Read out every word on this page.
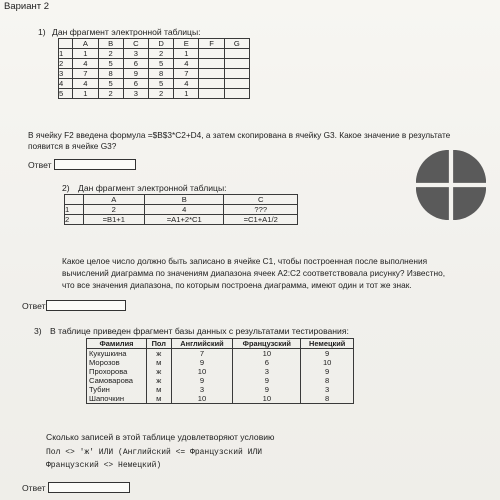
Вариант 2
1) Дан фрагмент электронной таблицы:
	A	B	C	D	E	F	G
1	1	2	3	2	1		
2	4	5	6	5	4		
3	7	8	9	8	7		
4	4	5	6	5	4		
5	1	2	3	2	1		
В ячейку F2 введена формула =$B$3*C2+D4, а затем скопирована в ячейку G3. Какое значение в результате
появится в ячейке G3?
Ответ
2) Дан фрагмент электронной таблицы:
	A	B	C
1	2	4	???
2	=B1+1	=A1+2*C1	=C1+A1/2
Какое целое число должно быть записано в ячейке C1, чтобы построенная после выполнения
вычислений диаграмма по значениям диапазона ячеек A2:C2 соответствовала рисунку? Известно,
что все значения диапазона, по которым построена диаграмма, имеют один и тот же знак.
Ответ
3) В таблице приведен фрагмент базы данных с результатами тестирования:
Фамилия	Пол	Английский	Французский	Немецкий
Кукушкина	ж	7	10	9
Морозов	м	9	6	10
Прохорова	ж	10	3	9
Самоварова	ж	9	9	8
Тубин	м	3	9	3
Шапочкин	м	10	10	8
Сколько записей в этой таблице удовлетворяют условию
Пол <> 'ж' ИЛИ (Английский <= Французский ИЛИ
Французский <> Немецкий)
Ответ
